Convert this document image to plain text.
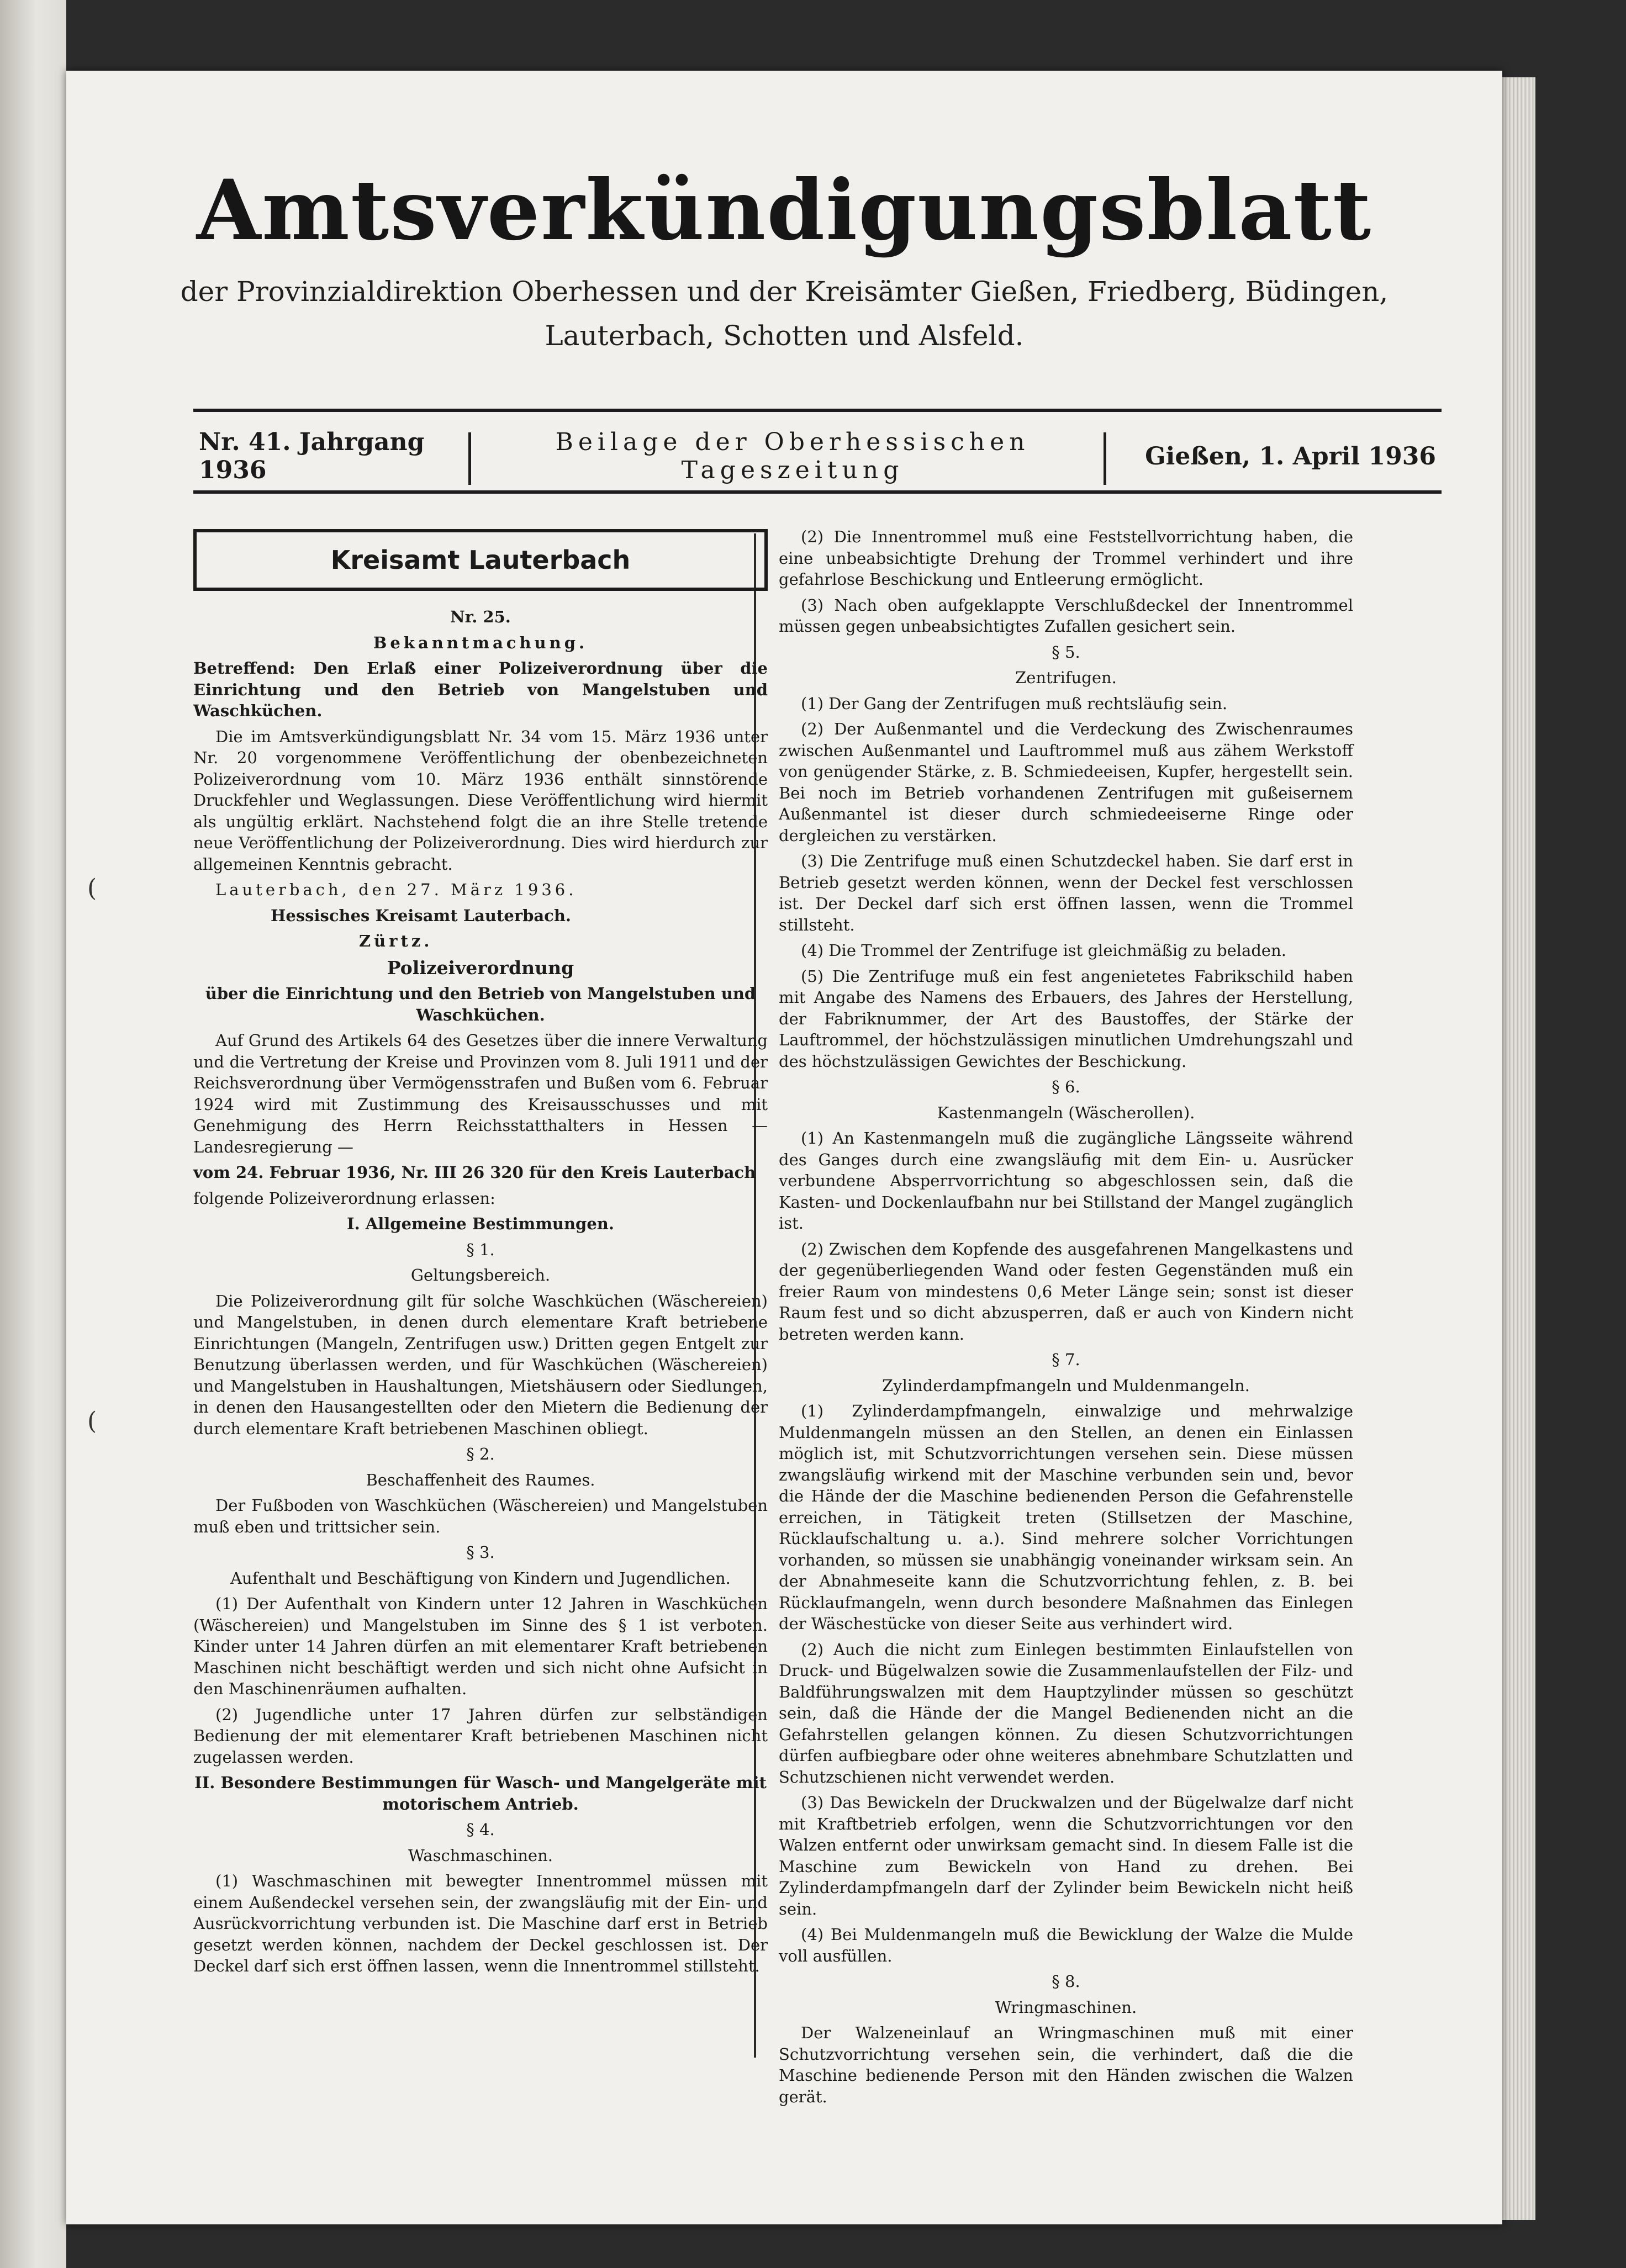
Amtsverkündigungsblatt
der Provinzialdirektion Oberhessen und der Kreisämter Gießen, Friedberg, Büdingen,
Lauterbach, Schotten und Alsfeld.
Nr. 41. Jahrgang 1936
Beilage der Oberhessischen Tageszeitung	Gießen, 1. April 1936
(
(
Kreisamt Lauterbach

Nr. 25.

Bekanntmachung.

Betreffend: Den Erlaß einer Polizeiverordnung über die Einrichtung und den Betrieb von Mangelstuben und Waschküchen.

Die im Amtsverkündigungsblatt Nr. 34 vom 15. März 1936 unter Nr. 20 vorgenommene Veröffentlichung der obenbezeichneten Polizeiverordnung vom 10. März 1936 enthält sinnstörende Druckfehler und Weglassungen. Diese Veröffentlichung wird hiermit als ungültig erklärt. Nachstehend folgt die an ihre Stelle tretende neue Veröffentlichung der Polizeiverordnung. Dies wird hierdurch zur allgemeinen Kenntnis gebracht.

Lauterbach, den 27. März 1936.

Hessisches Kreisamt Lauterbach.

Zürtz.

Polizeiverordnung

über die Einrichtung und den Betrieb von Mangelstuben und Waschküchen.

Auf Grund des Artikels 64 des Gesetzes über die innere Verwaltung und die Vertretung der Kreise und Provinzen vom 8. Juli 1911 und der Reichsverordnung über Vermögensstrafen und Bußen vom 6. Februar 1924 wird mit Zustimmung des Kreisausschusses und mit Genehmigung des Herrn Reichsstatthalters in Hessen — Landesregierung —

vom 24. Februar 1936, Nr. III 26 320 für den Kreis Lauterbach

folgende Polizeiverordnung erlassen:

I. Allgemeine Bestimmungen.

§ 1.

Geltungsbereich.

Die Polizeiverordnung gilt für solche Waschküchen (Wäschereien) und Mangelstuben, in denen durch elementare Kraft betriebene Einrichtungen (Mangeln, Zentrifugen usw.) Dritten gegen Entgelt zur Benutzung überlassen werden, und für Waschküchen (Wäschereien) und Mangelstuben in Haushaltungen, Mietshäusern oder Siedlungen, in denen den Hausangestellten oder den Mietern die Bedienung der durch elementare Kraft betriebenen Maschinen obliegt.

§ 2.

Beschaffenheit des Raumes.

Der Fußboden von Waschküchen (Wäschereien) und Mangelstuben muß eben und trittsicher sein.

§ 3.

Aufenthalt und Beschäftigung von Kindern und Jugendlichen.

(1) Der Aufenthalt von Kindern unter 12 Jahren in Waschküchen (Wäschereien) und Mangelstuben im Sinne des § 1 ist verboten. Kinder unter 14 Jahren dürfen an mit elementarer Kraft betriebenen Maschinen nicht beschäftigt werden und sich nicht ohne Aufsicht in den Maschinenräumen aufhalten.

(2) Jugendliche unter 17 Jahren dürfen zur selbständigen Bedienung der mit elementarer Kraft betriebenen Maschinen nicht zugelassen werden.

II. Besondere Bestimmungen für Wasch- und Mangelgeräte mit motorischem Antrieb.

§ 4.

Waschmaschinen.

(1) Waschmaschinen mit bewegter Innentrommel müssen mit einem Außendeckel versehen sein, der zwangsläufig mit der Ein- und Ausrückvorrichtung verbunden ist. Die Maschine darf erst in Betrieb gesetzt werden können, nachdem der Deckel geschlossen ist. Der Deckel darf sich erst öffnen lassen, wenn die Innentrommel stillsteht.

(2) Die Innentrommel muß eine Feststellvorrichtung haben, die eine unbeabsichtigte Drehung der Trommel verhindert und ihre gefahrlose Beschickung und Entleerung ermöglicht.

(3) Nach oben aufgeklappte Verschlußdeckel der Innentrommel müssen gegen unbeabsichtigtes Zufallen gesichert sein.

§ 5.

Zentrifugen.

(1) Der Gang der Zentrifugen muß rechtsläufig sein.

(2) Der Außenmantel und die Verdeckung des Zwischenraumes zwischen Außenmantel und Lauftrommel muß aus zähem Werkstoff von genügender Stärke, z. B. Schmiedeeisen, Kupfer, hergestellt sein. Bei noch im Betrieb vorhandenen Zentrifugen mit gußeisernem Außenmantel ist dieser durch schmiedeeiserne Ringe oder dergleichen zu verstärken.

(3) Die Zentrifuge muß einen Schutzdeckel haben. Sie darf erst in Betrieb gesetzt werden können, wenn der Deckel fest verschlossen ist. Der Deckel darf sich erst öffnen lassen, wenn die Trommel stillsteht.

(4) Die Trommel der Zentrifuge ist gleichmäßig zu beladen.

(5) Die Zentrifuge muß ein fest angenietetes Fabrikschild haben mit Angabe des Namens des Erbauers, des Jahres der Herstellung, der Fabriknummer, der Art des Baustoffes, der Stärke der Lauftrommel, der höchstzulässigen minutlichen Umdrehungszahl und des höchstzulässigen Gewichtes der Beschickung.

§ 6.

Kastenmangeln (Wäscherollen).

(1) An Kastenmangeln muß die zugängliche Längsseite während des Ganges durch eine zwangsläufig mit dem Ein- u. Ausrücker verbundene Absperrvorrichtung so abgeschlossen sein, daß die Kasten- und Dockenlaufbahn nur bei Stillstand der Mangel zugänglich ist.

(2) Zwischen dem Kopfende des ausgefahrenen Mangelkastens und der gegenüberliegenden Wand oder festen Gegenständen muß ein freier Raum von mindestens 0,6 Meter Länge sein; sonst ist dieser Raum fest und so dicht abzusperren, daß er auch von Kindern nicht betreten werden kann.

§ 7.

Zylinderdampfmangeln und Muldenmangeln.

(1) Zylinderdampfmangeln, einwalzige und mehrwalzige Muldenmangeln müssen an den Stellen, an denen ein Einlassen möglich ist, mit Schutzvorrichtungen versehen sein. Diese müssen zwangsläufig wirkend mit der Maschine verbunden sein und, bevor die Hände der die Maschine bedienenden Person die Gefahrenstelle erreichen, in Tätigkeit treten (Stillsetzen der Maschine, Rücklaufschaltung u. a.). Sind mehrere solcher Vorrichtungen vorhanden, so müssen sie unabhängig voneinander wirksam sein. An der Abnahmeseite kann die Schutzvorrichtung fehlen, z. B. bei Rücklaufmangeln, wenn durch besondere Maßnahmen das Einlegen der Wäschestücke von dieser Seite aus verhindert wird.

(2) Auch die nicht zum Einlegen bestimmten Einlaufstellen von Druck- und Bügelwalzen sowie die Zusammenlaufstellen der Filz- und Baldführungswalzen mit dem Hauptzylinder müssen so geschützt sein, daß die Hände der die Mangel Bedienenden nicht an die Gefahrstellen gelangen können. Zu diesen Schutzvorrichtungen dürfen aufbiegbare oder ohne weiteres abnehmbare Schutzlatten und Schutzschienen nicht verwendet werden.

(3) Das Bewickeln der Druckwalzen und der Bügelwalze darf nicht mit Kraftbetrieb erfolgen, wenn die Schutzvorrichtungen vor den Walzen entfernt oder unwirksam gemacht sind. In diesem Falle ist die Maschine zum Bewickeln von Hand zu drehen. Bei Zylinderdampfmangeln darf der Zylinder beim Bewickeln nicht heiß sein.

(4) Bei Muldenmangeln muß die Bewicklung der Walze die Mulde voll ausfüllen.

§ 8.

Wringmaschinen.

Der Walzeneinlauf an Wringmaschinen muß mit einer Schutzvorrichtung versehen sein, die verhindert, daß die die Maschine bedienende Person mit den Händen zwischen die Walzen gerät.
